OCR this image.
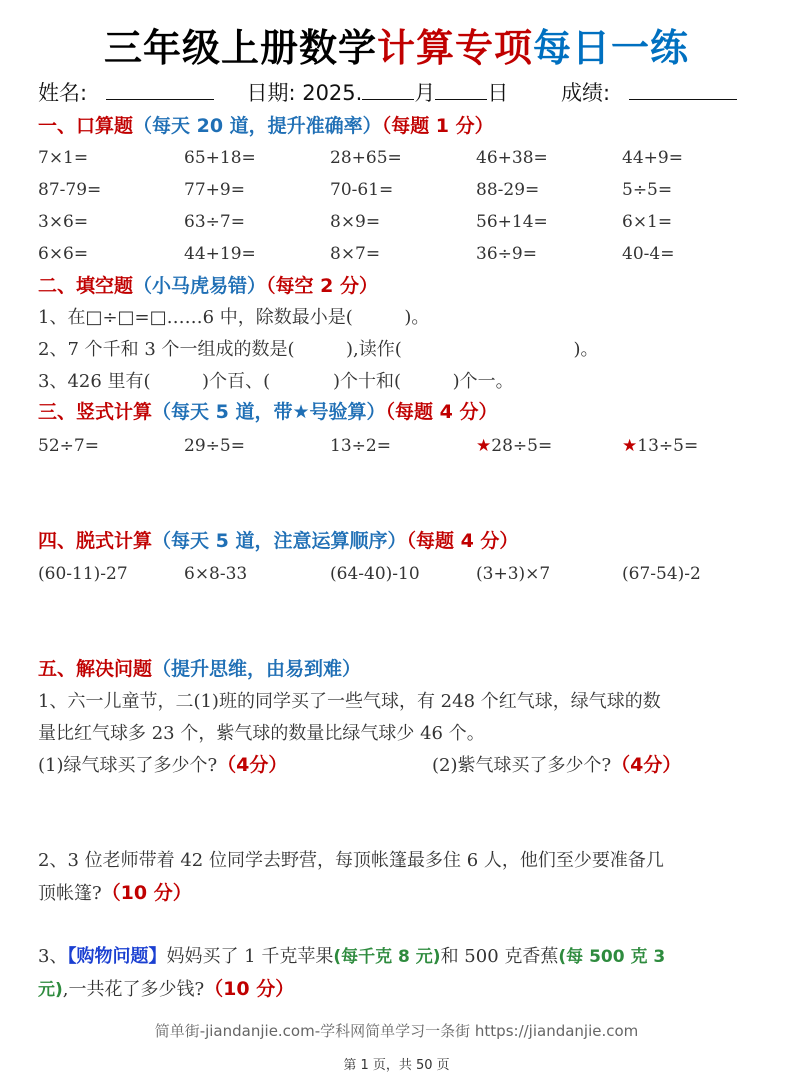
三年级上册数学计算专项每日一练
姓名:	日期: 2025. 月 日	成绩:
一、口算题（每天 20 道，提升准确率）（每题 1 分）
7×1=	65+18=	28+65=	46+38=	44+9=
87-79=	77+9=	70-61=	88-29=	5÷5=
3×6=	63÷7=	8×9=	56+14=	6×1=
6×6=	44+19=	8×7=	36÷9=	40-4=
二、填空题（小马虎易错）（每空 2 分）
1、在□÷□=□……6 中，除数最小是(         )。
2、7 个千和 3 个一组成的数是(         ),读作(                              )。
3、426 里有(         )个百、(           )个十和(         )个一。
三、竖式计算（每天 5 道，带★号验算）（每题 4 分）
52÷7=	29÷5=	13÷2=	★28÷5=	★13÷5=
四、脱式计算（每天 5 道，注意运算顺序）（每题 4 分）
(60-11)-27	6×8-33	(64-40)-10	(3+3)×7	(67-54)-2
五、解决问题（提升思维，由易到难）
1、六一儿童节，二(1)班的同学买了一些气球，有 248 个红气球，绿气球的数
量比红气球多 23 个，紫气球的数量比绿气球少 46 个。
(1)绿气球买了多少个?（4分）	(2)紫气球买了多少个?（4分）
2、3 位老师带着 42 位同学去野营，每顶帐篷最多住 6 人，他们至少要准备几
顶帐篷?（10 分）
3、【购物问题】妈妈买了 1 千克苹果(每千克 8 元)和 500 克香蕉(每 500 克 3
元),一共花了多少钱?（10 分）
简单街-jiandanjie.com-学科网简单学习一条街 https://jiandanjie.com
第 1 页，共 50 页
